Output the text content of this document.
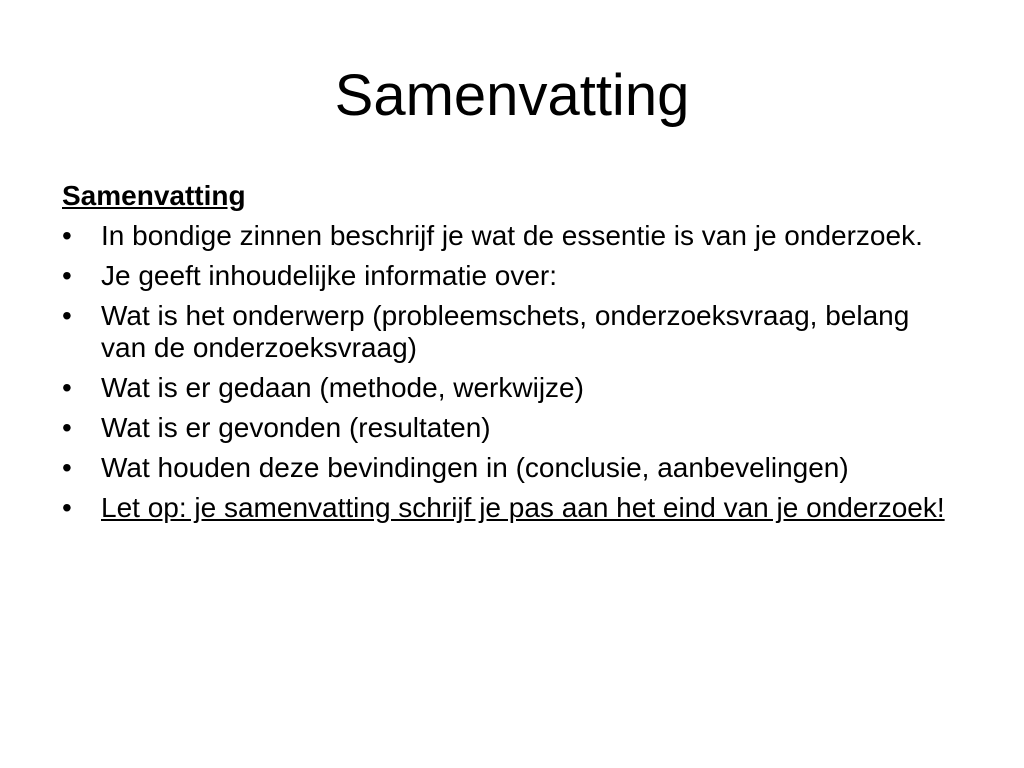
Samenvatting
Samenvatting
• In bondige zinnen beschrijf je wat de essentie is van je onderzoek.
• Je geeft inhoudelijke informatie over:
• Wat is het onderwerp (probleemschets, onderzoeksvraag, belang van de onderzoeksvraag)
• Wat is er gedaan (methode, werkwijze)
• Wat is er gevonden (resultaten)
• Wat houden deze bevindingen in (conclusie, aanbevelingen)
• Let op: je samenvatting schrijf je pas aan het eind van je onderzoek!
